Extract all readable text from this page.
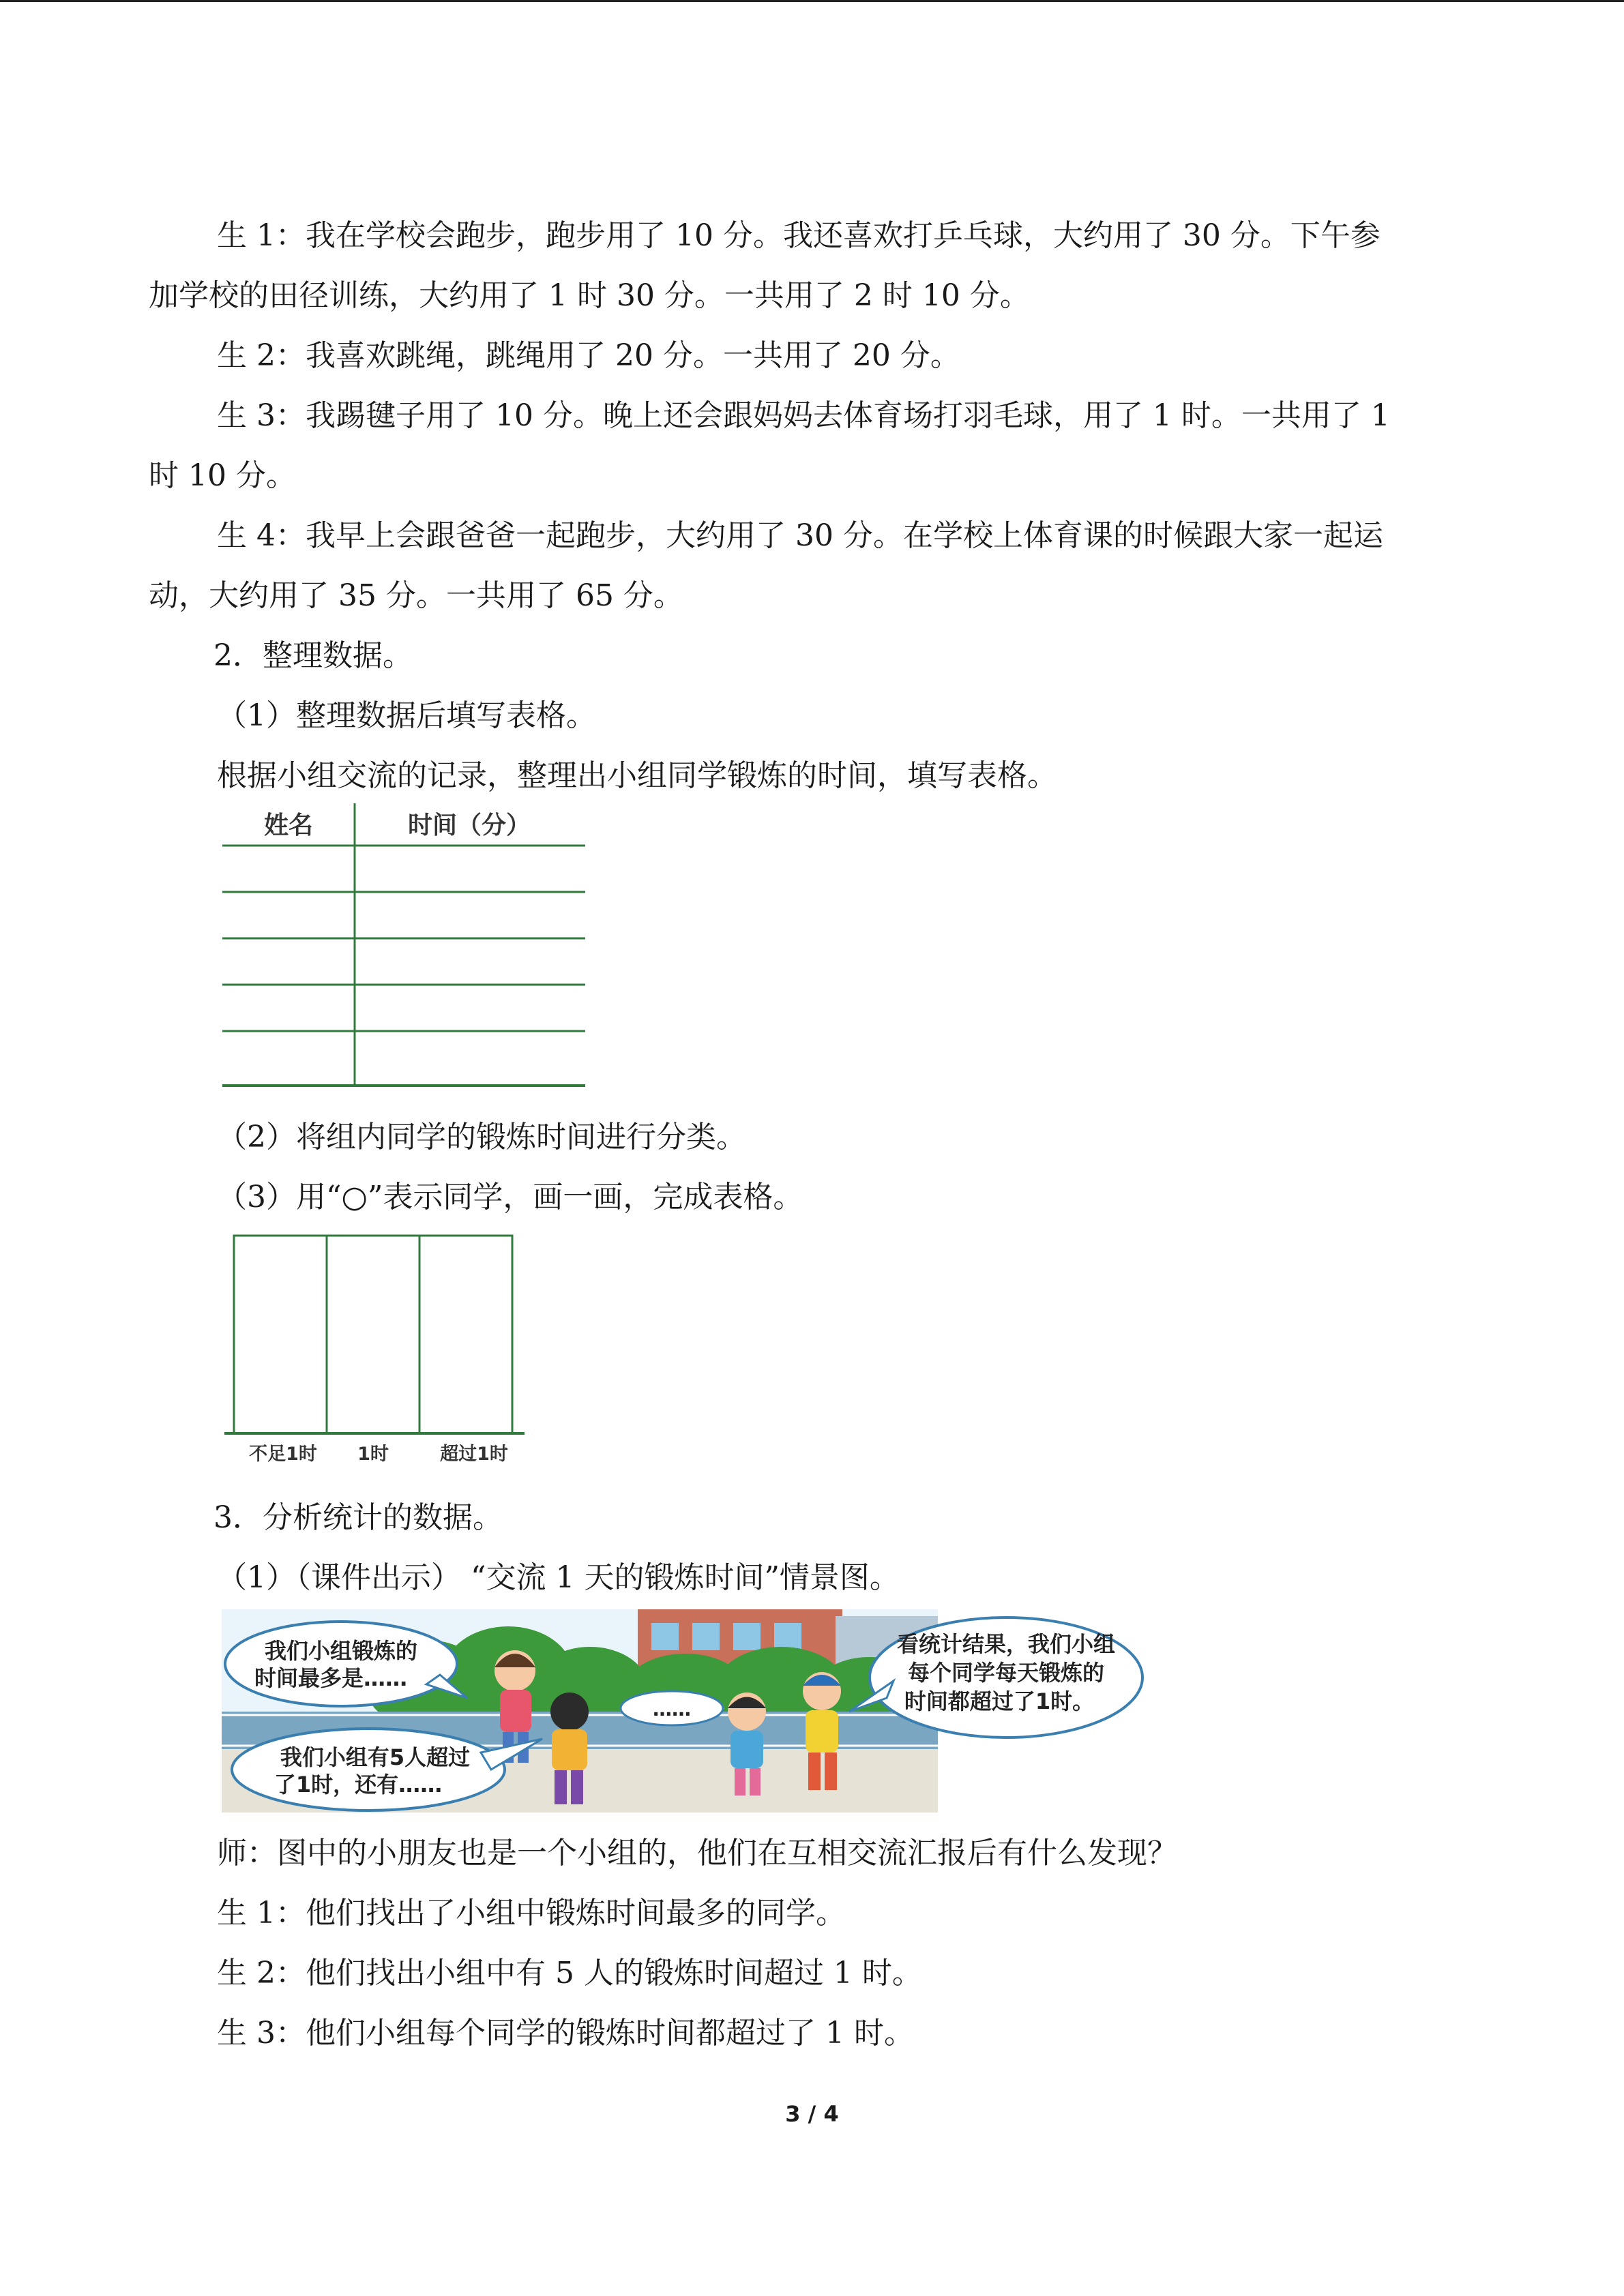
生 1：我在学校会跑步，跑步用了 10 分。我还喜欢打乒乓球，大约用了 30 分。下午参

加学校的田径训练，大约用了 1 时 30 分。一共用了 2 时 10 分。

生 2：我喜欢跳绳，跳绳用了 20 分。一共用了 20 分。

生 3：我踢毽子用了 10 分。晚上还会跟妈妈去体育场打羽毛球，用了 1 时。一共用了 1

时 10 分。

生 4：我早上会跟爸爸一起跑步，大约用了 30 分。在学校上体育课的时候跟大家一起运

动，大约用了 35 分。一共用了 65 分。

2．整理数据。

（1）整理数据后填写表格。

根据小组交流的记录，整理出小组同学锻炼的时间，填写表格。

姓名	时间（分）

（2）将组内同学的锻炼时间进行分类。

（3）用“○”表示同学，画一画，完成表格。

不足1时 1时	超过1时

3．分析统计的数据。

（1）（课件出示） “交流 1 天的锻炼时间”情景图。

我们小组锻炼的
时间最多是……
我们小组有5人超过
了1时，还有……
……
看统计结果，我们小组
每个同学每天锻炼的
时间都超过了1时。

师：图中的小朋友也是一个小组的，他们在互相交流汇报后有什么发现？

生 1：他们找出了小组中锻炼时间最多的同学。

生 2：他们找出小组中有 5 人的锻炼时间超过 1 时。

生 3：他们小组每个同学的锻炼时间都超过了 1 时。

3 / 4
